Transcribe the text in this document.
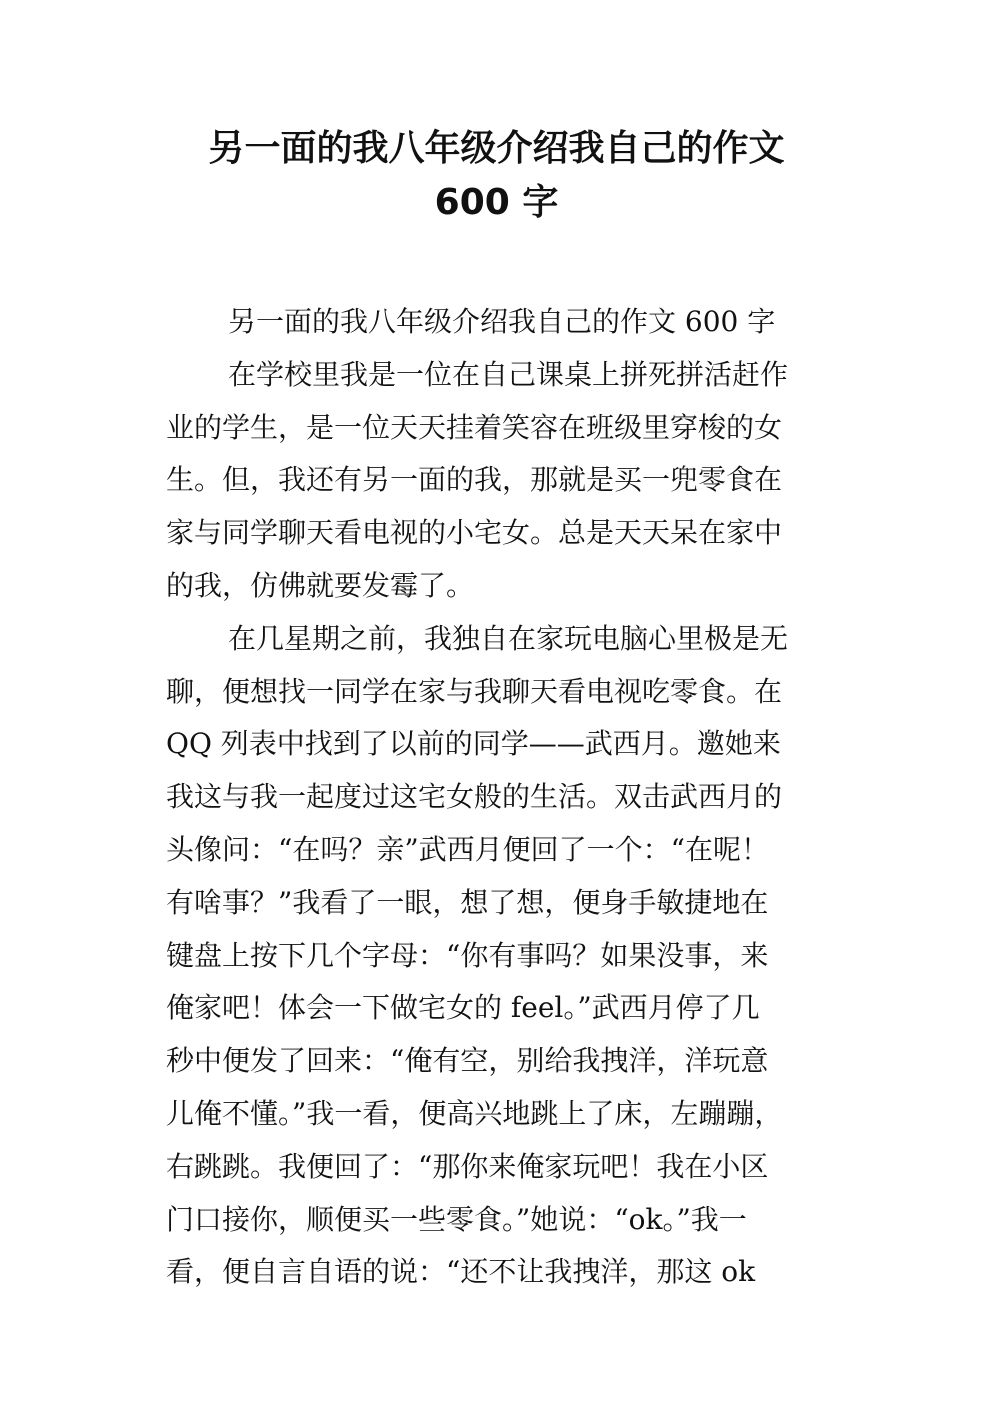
另一面的我八年级介绍我自己的作文
600 字
另一面的我八年级介绍我自己的作文 600 字
在学校里我是一位在自己课桌上拼死拼活赶作
业的学生，是一位天天挂着笑容在班级里穿梭的女
生。但，我还有另一面的我，那就是买一兜零食在
家与同学聊天看电视的小宅女。总是天天呆在家中
的我，仿佛就要发霉了。
在几星期之前，我独自在家玩电脑心里极是无
聊，便想找一同学在家与我聊天看电视吃零食。在
QQ 列表中找到了以前的同学——武西月。邀她来
我这与我一起度过这宅女般的生活。双击武西月的
头像问：“在吗？亲”武西月便回了一个：“在呢！
有啥事？”我看了一眼，想了想，便身手敏捷地在
键盘上按下几个字母：“你有事吗？如果没事，来
俺家吧！体会一下做宅女的 feel。”武西月停了几
秒中便发了回来：“俺有空，别给我拽洋，洋玩意
儿俺不懂。”我一看，便高兴地跳上了床，左蹦蹦，
右跳跳。我便回了：“那你来俺家玩吧！我在小区
门口接你，顺便买一些零食。”她说：“ok。”我一
看，便自言自语的说：“还不让我拽洋，那这 ok
